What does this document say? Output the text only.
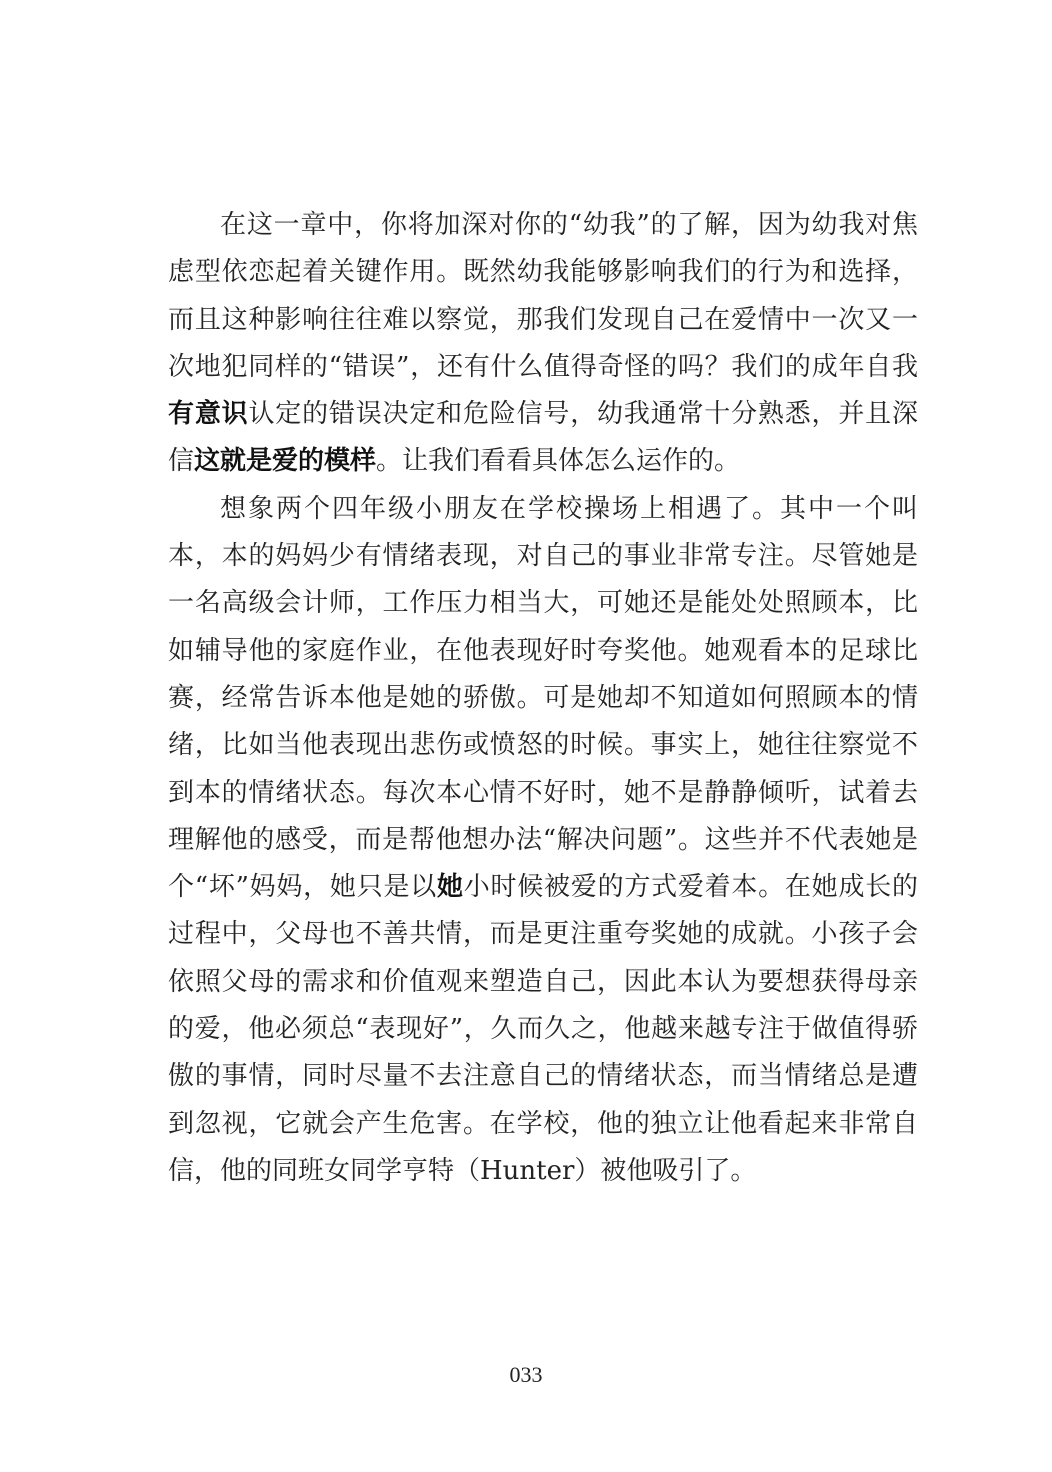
在这一章中，你将加深对你的“幼我”的了解，因为幼我对焦虑型依恋起着关键作用。既然幼我能够影响我们的行为和选择，而且这种影响往往难以察觉，那我们发现自己在爱情中一次又一次地犯同样的“错误”，还有什么值得奇怪的吗？我们的成年自我有意识认定的错误决定和危险信号，幼我通常十分熟悉，并且深信这就是爱的模样。让我们看看具体怎么运作的。

想象两个四年级小朋友在学校操场上相遇了。其中一个叫本，本的妈妈少有情绪表现，对自己的事业非常专注。尽管她是一名高级会计师，工作压力相当大，可她还是能处处照顾本，比如辅导他的家庭作业，在他表现好时夸奖他。她观看本的足球比赛，经常告诉本他是她的骄傲。可是她却不知道如何照顾本的情绪，比如当他表现出悲伤或愤怒的时候。事实上，她往往察觉不到本的情绪状态。每次本心情不好时，她不是静静倾听，试着去理解他的感受，而是帮他想办法“解决问题”。这些并不代表她是个“坏”妈妈，她只是以她小时候被爱的方式爱着本。在她成长的过程中，父母也不善共情，而是更注重夸奖她的成就。小孩子会依照父母的需求和价值观来塑造自己，因此本认为要想获得母亲的爱，他必须总“表现好”，久而久之，他越来越专注于做值得骄傲的事情，同时尽量不去注意自己的情绪状态，而当情绪总是遭到忽视，它就会产生危害。在学校，他的独立让他看起来非常自信，他的同班女同学亨特（Hunter）被他吸引了。

033
